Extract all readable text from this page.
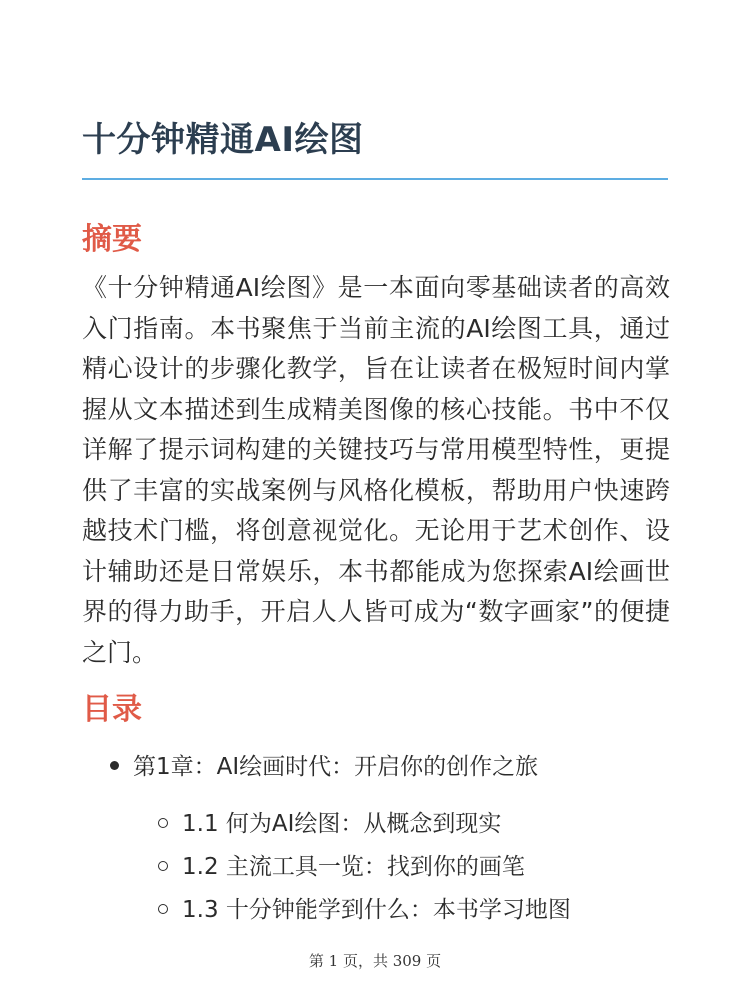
十分钟精通AI绘图
摘要

《十分钟精通AI绘图》是一本面向零基础读者的高效入门指南。本书聚焦于当前主流的AI绘图工具，通过精心设计的步骤化教学，旨在让读者在极短时间内掌握从文本描述到生成精美图像的核心技能。书中不仅详解了提示词构建的关键技巧与常用模型特性，更提供了丰富的实战案例与风格化模板，帮助用户快速跨越技术门槛，将创意视觉化。无论用于艺术创作、设计辅助还是日常娱乐，本书都能成为您探索AI绘画世界的得力助手，开启人人皆可成为“数字画家”的便捷之门。

目录
第1章：AI绘画时代：开启你的创作之旅
1.1 何为AI绘图：从概念到现实
1.2 主流工具一览：找到你的画笔
1.3 十分钟能学到什么：本书学习地图
第 1 页，共 309 页
